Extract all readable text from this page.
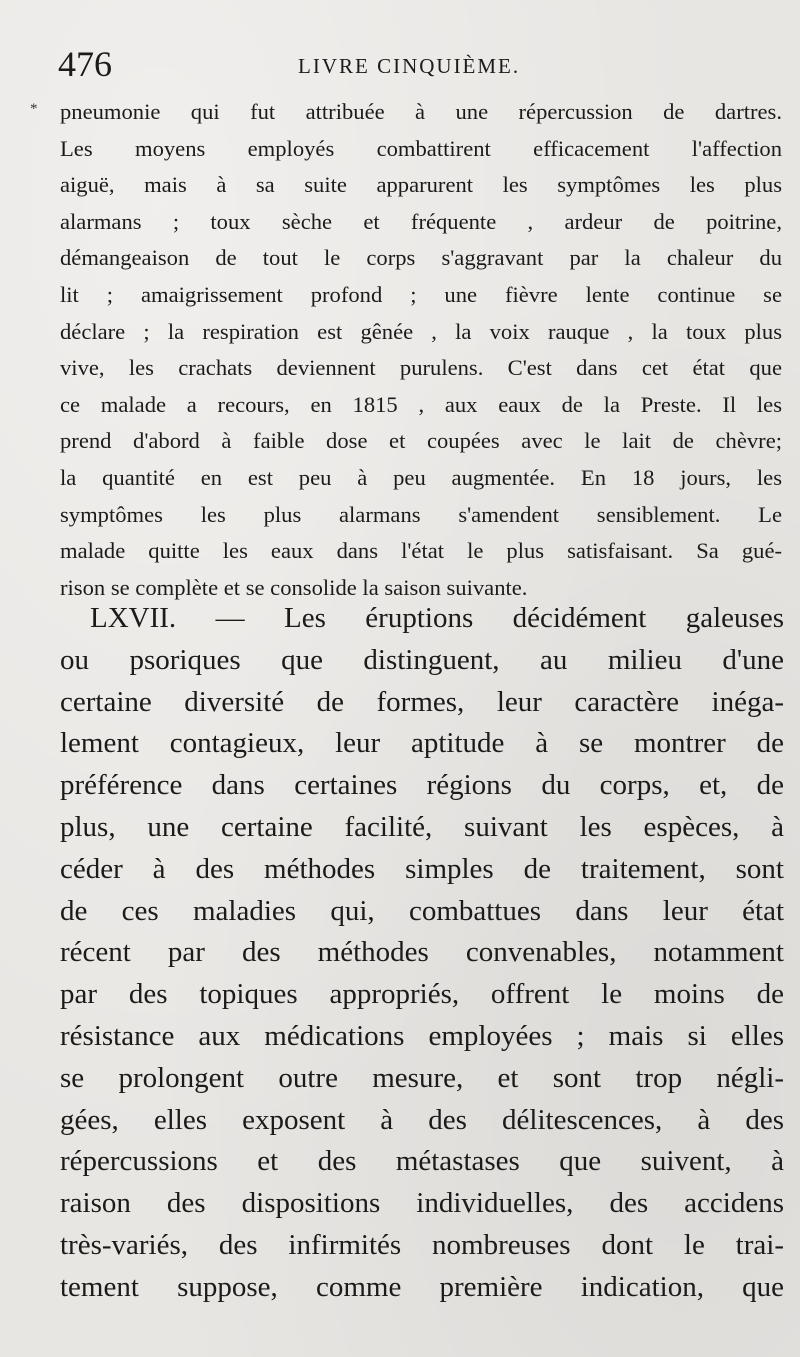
476	LIVRE CINQUIÈME.
* pneumonie qui fut attribuée à une répercussion de dartres.
Les moyens employés combattirent efficacement l'affection
aiguë, mais à sa suite apparurent les symptômes les plus
alarmans ; toux sèche et fréquente , ardeur de poitrine,
démangeaison de tout le corps s'aggravant par la chaleur du
lit ; amaigrissement profond ; une fièvre lente continue se
déclare ; la respiration est gênée , la voix rauque , la toux plus
vive, les crachats deviennent purulens. C'est dans cet état que
ce malade a recours, en 1815 , aux eaux de la Preste. Il les
prend d'abord à faible dose et coupées avec le lait de chèvre;
la quantité en est peu à peu augmentée. En 18 jours, les
symptômes les plus alarmans s'amendent sensiblement. Le
malade quitte les eaux dans l'état le plus satisfaisant. Sa gué-
rison se complète et se consolide la saison suivante.

LXVII. — Les éruptions décidément galeuses
ou psoriques que distinguent, au milieu d'une
certaine diversité de formes, leur caractère inéga-
lement contagieux, leur aptitude à se montrer de
préférence dans certaines régions du corps, et, de
plus, une certaine facilité, suivant les espèces, à
céder à des méthodes simples de traitement, sont
de ces maladies qui, combattues dans leur état
récent par des méthodes convenables, notamment
par des topiques appropriés, offrent le moins de
résistance aux médications employées ; mais si elles
se prolongent outre mesure, et sont trop négli-
gées, elles exposent à des délitescences, à des
répercussions et des métastases que suivent, à
raison des dispositions individuelles, des accidens
très-variés, des infirmités nombreuses dont le trai-
tement suppose, comme première indication, que
